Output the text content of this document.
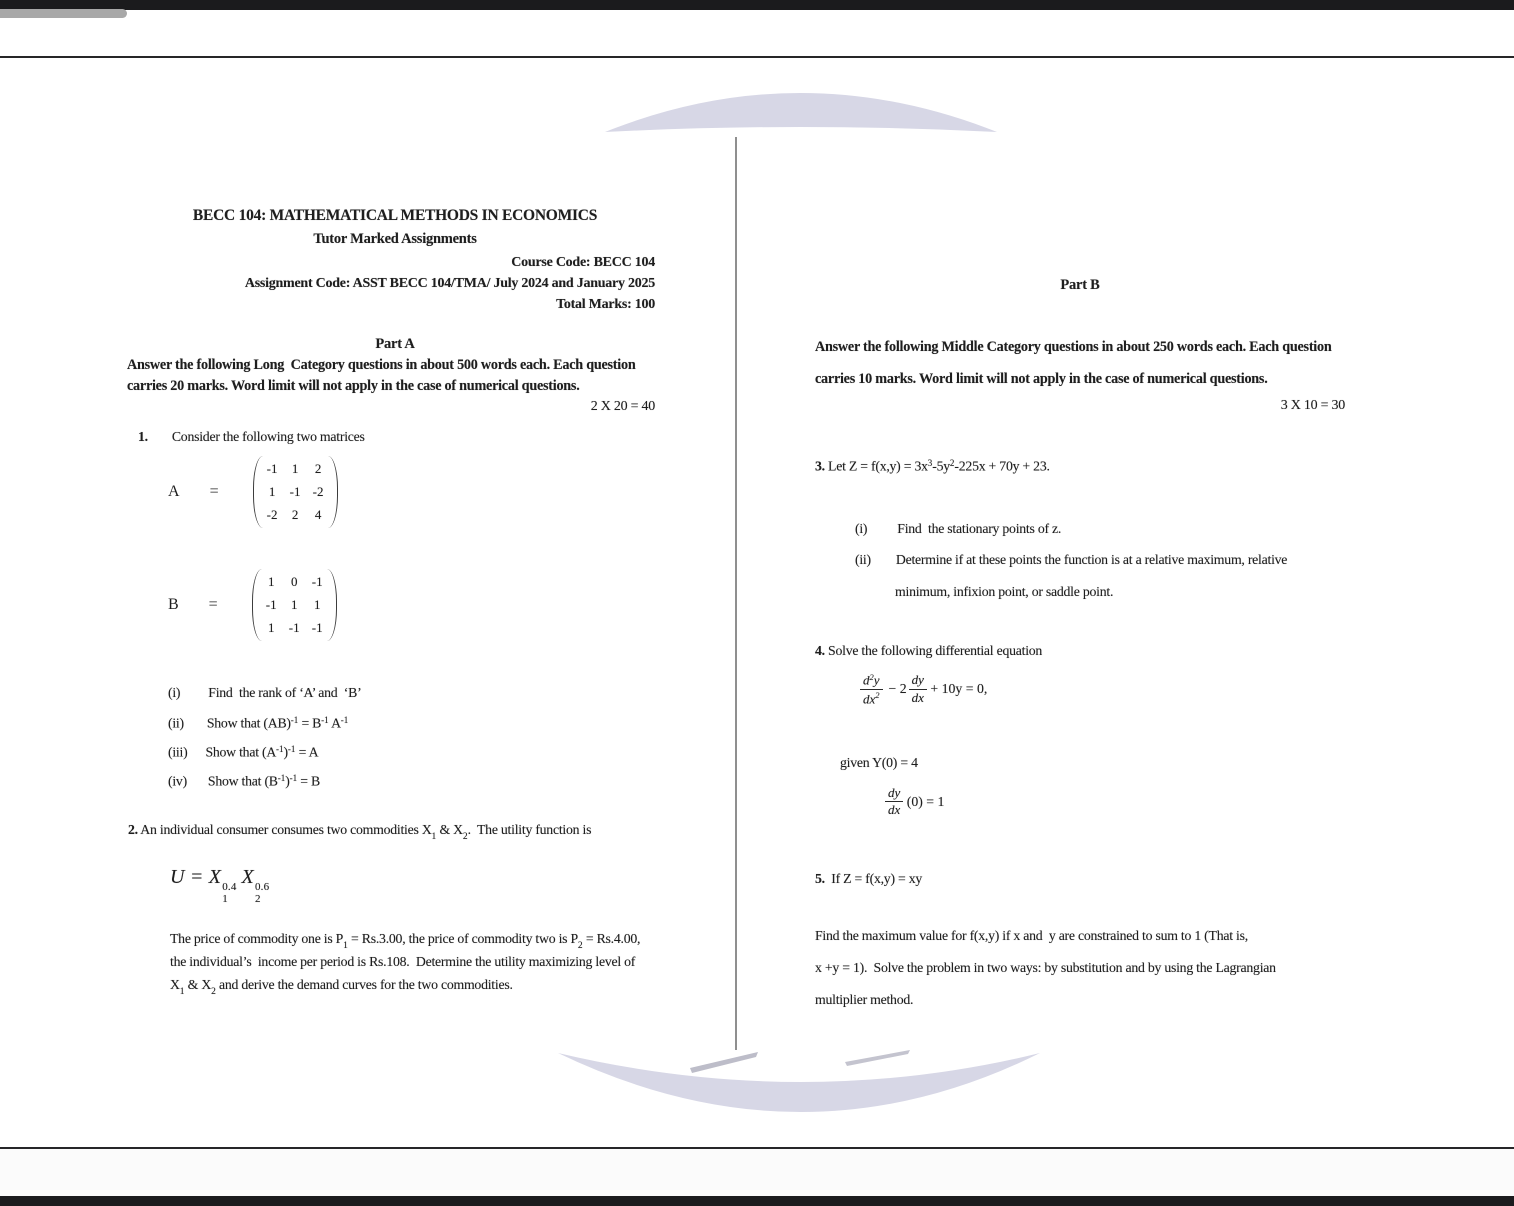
BECC 104: MATHEMATICAL METHODS IN ECONOMICS
Tutor Marked Assignments
Course Code: BECC 104
Assignment Code: ASST BECC 104/TMA/ July 2024 and January 2025
Total Marks: 100
Part A
Answer the following Long  Category questions in about 500 words each. Each question
carries 20 marks. Word limit will not apply in the case of numerical questions.
2 X 20 = 40
1. Consider the following two matrices
A =
-1 1 2
1 -1 -2
-2 2 4
B =
1 0 -1
-1 1 1
1 -1 -1
(i) Find  the rank of ‘A’ and  ‘B’
(ii) Show that $(AB)^{-1} = B^{-1}$ $A^{-1}$
(iii) Show that $(A^{-1})^{-1} = A$
(iv) Show that $(B^{-1})^{-1} = B$
2. An individual consumer consumes two commodities $X_1$ & $X_2$.  The utility function is
U = X 0.4
1
X 0.6
2
The price of commodity one is $P_1 = Rs.3.00$, the price of commodity two is $P_2 = Rs.4.00$,
the individual’s  income per period is Rs.108.  Determine the utility maximizing level of
$X_1$ & $X_2$ and derive the demand curves for the two commodities.
Part B
Answer the following Middle Category questions in about 250 words each. Each question
carries 10 marks. Word limit will not apply in the case of numerical questions.
3 X 10 = 30
3. Let $Z = f(x,y) = 3x^3-5y^2-225x + 70y + 23$.
(i) Find  the stationary points of z.
(ii) Determine if at these points the function is at a relative maximum, relative
minimum, infixion point, or saddle point.
4. Solve the following differential equation
$\frac{d^2y}{dx^2} - 2 \frac{dy}{dx} + 10y = 0$,
given Y(0) = 4
$\frac{dy}{dx} (0) = 1$
5.  If Z = f(x,y) = xy
Find the maximum value for f(x,y) if x and  y are constrained to sum to 1 (That is,
x +y = 1).  Solve the problem in two ways: by substitution and by using the Lagrangian
multiplier method.
